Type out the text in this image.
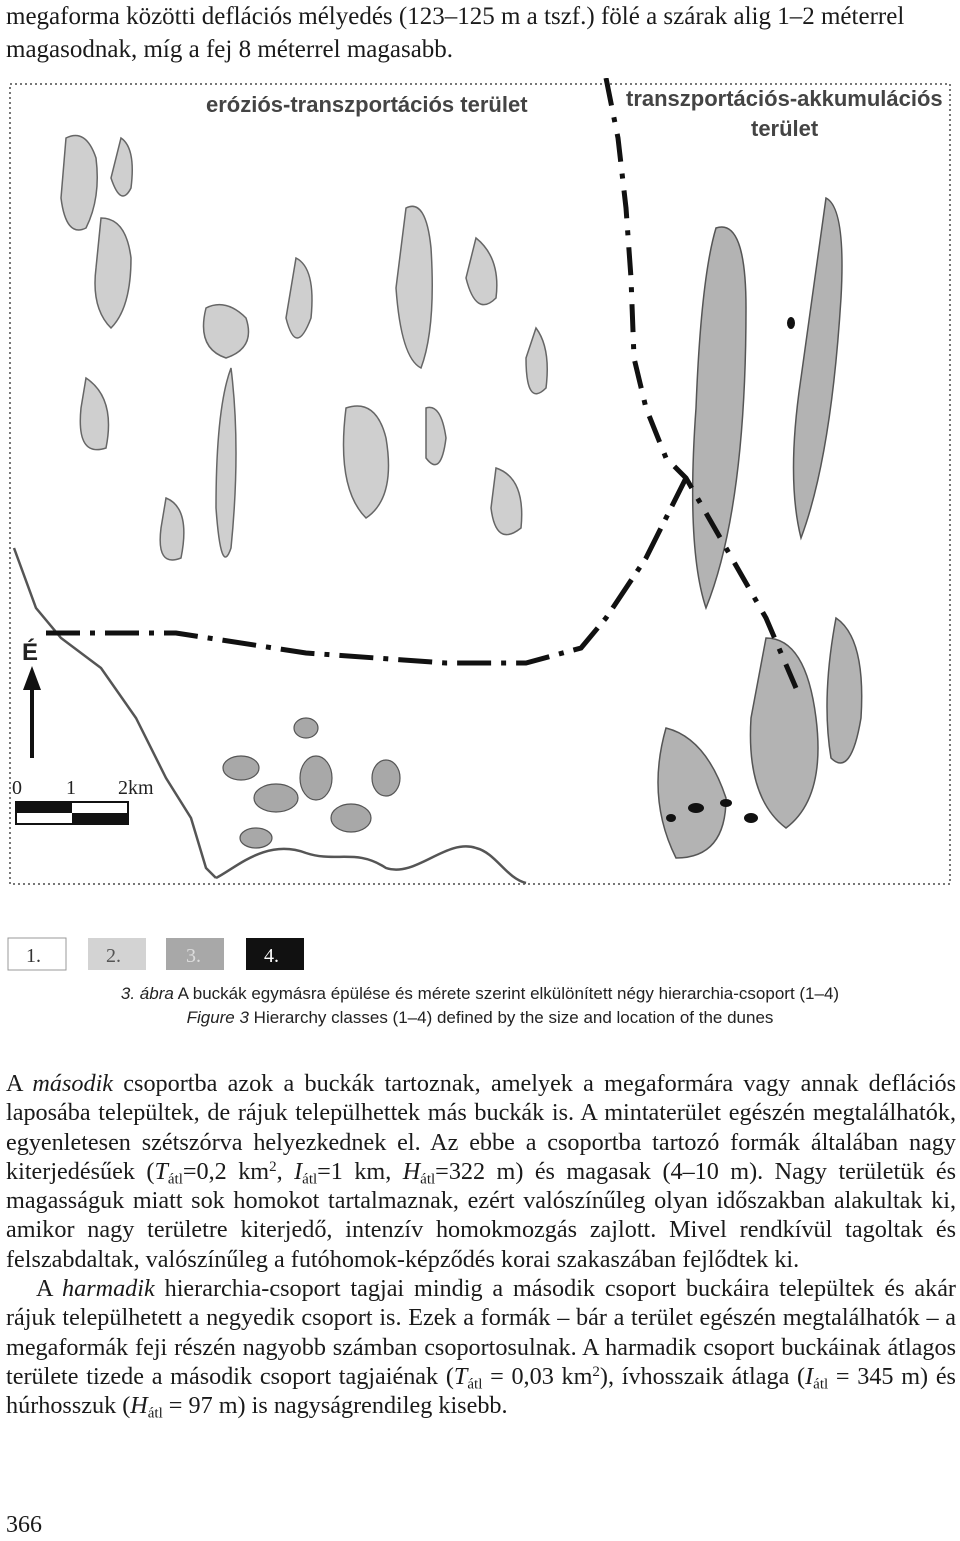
megaforma közötti deflációs mélyedés (123–125 m a tszf.) fölé a szárak alig 1–2 méterrel
magasodnak, míg a fej 8 méterrel magasabb.
eróziós-transzportációs terület	transzportációs-akkumulációs
terület
É
0 1 2km
1.	2.	3.	4.
3. ábra A buckák egymásra épülése és mérete szerint elkülönített négy hierarchia-csoport (1–4)
Figure 3 Hierarchy classes (1–4) defined by the size and location of the dunes

A második csoportba azok a buckák tartoznak, amelyek a megaformára vagy annak deflációs laposába települtek, de rájuk települhettek más buckák is. A mintaterület egészén megtalálhatók, egyenletesen szétszórva helyezkednek el. Az ebbe a csoportba tartozó formák általában nagy kiterjedésűek ($T_{átl}=0,2$ $km^2$, $I_{átl}=1$ km, $H_{átl}=322$ m) és magasak (4–10 m). Nagy területük és magasságuk miatt sok homokot tartalmaznak, ezért valószínűleg olyan időszakban alakultak ki, amikor nagy területre kiterjedő, intenzív homokmozgás zajlott. Mivel rendkívül tagoltak és felszabdaltak, valószínűleg a futóhomok-képződés korai szakaszában fejlődtek ki.

A harmadik hierarchia-csoport tagjai mindig a második csoport buckáira települtek és akár rájuk települhetett a negyedik csoport is. Ezek a formák – bár a terület egészén megtalálhatók – a megaformák feji részén nagyobb számban csoportosulnak. A harmadik csoport buckáinak átlagos területe tizede a második csoport tagjaiénak ($T_{átl} = 0,03$ $km^2$), ívhosszaik átlaga ($I_{átl} = 345$ m) és húrhosszuk ($H_{átl} = 97$ m) is nagyságrendileg kisebb.

366
